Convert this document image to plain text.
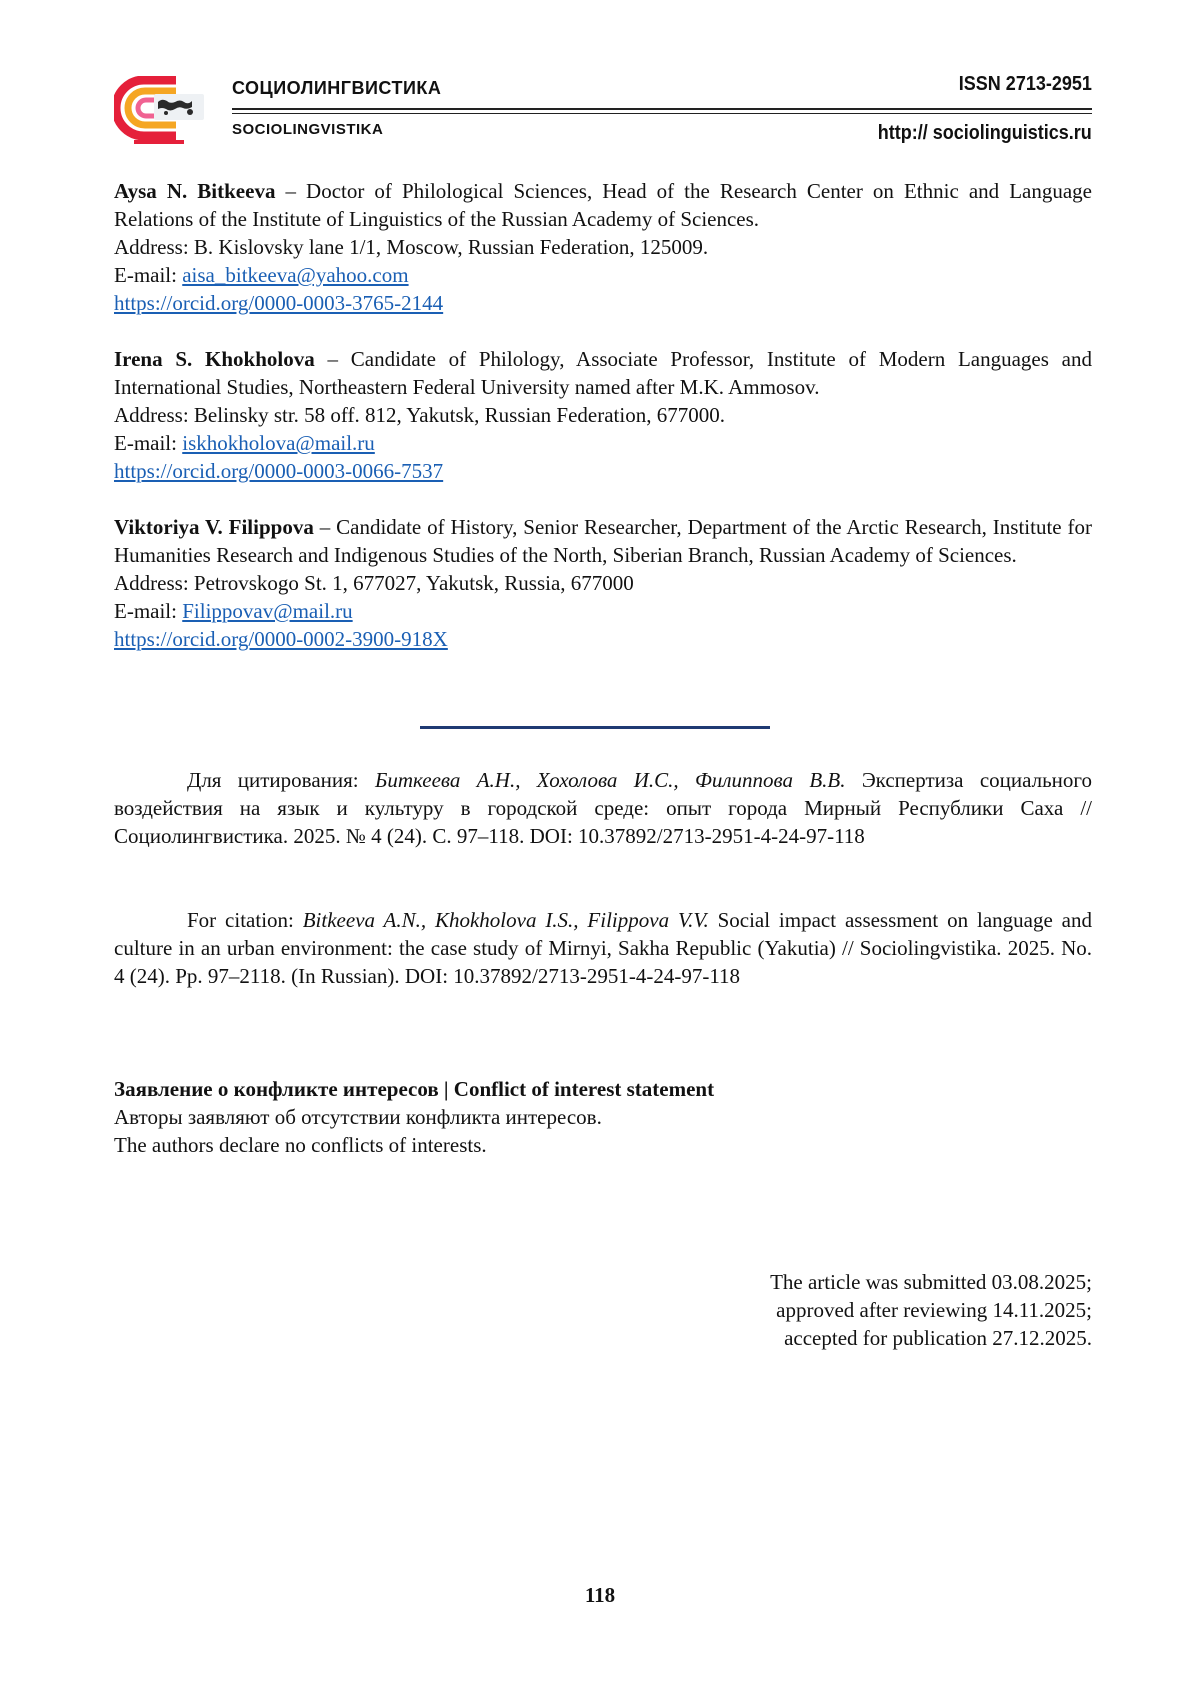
СОЦИОЛИНГВИСТИКА
SOCIOLINGVISTIKA
ISSN 2713-2951
http:// sociolinguistics.ru

Aysa N. Bitkeeva – Doctor of Philological Sciences, Head of the Research Center on Ethnic and Language Relations of the Institute of Linguistics of the Russian Academy of Sciences.

Address: B. Kislovsky lane 1/1, Moscow, Russian Federation, 125009.

E-mail: aisa_bitkeeva@yahoo.com

https://orcid.org/0000-0003-3765-2144

Irena S. Khokholova – Candidate of Philology, Associate Professor, Institute of Modern Languages and International Studies, Northeastern Federal University named after M.K. Ammosov.

Address: Belinsky str. 58 off. 812, Yakutsk, Russian Federation, 677000.

E-mail: iskhokholova@mail.ru

https://orcid.org/0000-0003-0066-7537

Viktoriya V. Filippova – Candidate of History, Senior Researcher, Department of the Arctic Research, Institute for Humanities Research and Indigenous Studies of the North, Siberian Branch, Russian Academy of Sciences.

Address: Petrovskogo St. 1, 677027, Yakutsk, Russia, 677000

E-mail: Filippovav@mail.ru

https://orcid.org/0000-0002-3900-918X

Для цитирования: Биткеева А.Н., Хохолова И.С., Филиппова В.В. Экспертиза социального воздействия на язык и культуру в городской среде: опыт города Мирный Республики Саха // Социолингвистика. 2025. № 4 (24). С. 97–118. DOI: 10.37892/2713-2951-4-24-97-118

For citation: Bitkeeva A.N., Khokholova I.S., Filippova V.V. Social impact assessment on language and culture in an urban environment: the case study of Mirnyi, Sakha Republic (Yakutia) // Sociolingvistika. 2025. No. 4 (24). Pp. 97–2118. (In Russian). DOI: 10.37892/2713-2951-4-24-97-118

Заявление о конфликте интересов | Conflict of interest statement

Авторы заявляют об отсутствии конфликта интересов.

The authors declare no conflicts of interests.

The article was submitted 03.08.2025;

approved after reviewing 14.11.2025;

accepted for publication 27.12.2025.

118
